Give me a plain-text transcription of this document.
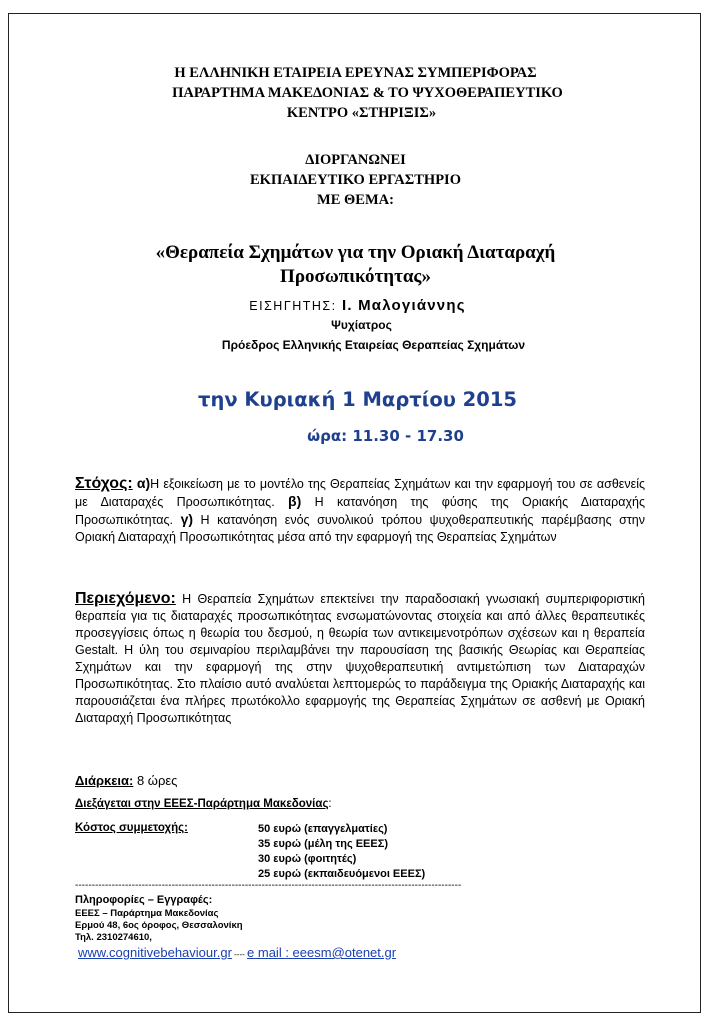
Η ΕΛΛΗΝΙΚΗ ΕΤΑΙΡΕΙΑ ΕΡΕΥΝΑΣ ΣΥΜΠΕΡΙΦΟΡΑΣ
ΠΑΡΑΡΤΗΜΑ ΜΑΚΕΔΟΝΙΑΣ & ΤΟ ΨΥΧΟΘΕΡΑΠΕΥΤΙΚΟ
ΚΕΝΤΡΟ «ΣΤΗΡΙΞΙΣ»
ΔΙΟΡΓΑΝΩΝΕΙ
ΕΚΠΑΙΔΕΥΤΙΚΟ ΕΡΓΑΣΤΗΡΙΟ
ΜΕ ΘΕΜΑ:
«Θεραπεία Σχημάτων για την Οριακή Διαταραχή
Προσωπικότητας»
ΕΙΣΗΓΗΤΗΣ: Ι. Μαλογιάννης
Ψυχίατρος
Πρόεδρος Ελληνικής Εταιρείας Θεραπείας Σχημάτων
την Κυριακή 1 Μαρτίου 2015
ώρα: 11.30 - 17.30
Στόχος: α)Η εξοικείωση με το μοντέλο της Θεραπείας Σχημάτων και την εφαρμογή του σε ασθενείς με Διαταραχές Προσωπικότητας. β) Η κατανόηση της φύσης της Οριακής Διαταραχής Προσωπικότητας. γ) Η κατανόηση ενός συνολικού τρόπου ψυχοθεραπευτικής παρέμβασης στην Οριακή Διαταραχή Προσωπικότητας μέσα από την εφαρμογή της Θεραπείας Σχημάτων
Περιεχόμενο: Η Θεραπεία Σχημάτων επεκτείνει την παραδοσιακή γνωσιακή συμπεριφοριστική θεραπεία για τις διαταραχές προσωπικότητας ενσωματώνοντας στοιχεία και από άλλες θεραπευτικές προσεγγίσεις όπως η θεωρία του δεσμού, η θεωρία των αντικειμενοτρόπων σχέσεων και η θεραπεία Gestalt. Η ύλη του σεμιναρίου περιλαμβάνει την παρουσίαση της βασικής Θεωρίας και Θεραπείας Σχημάτων και την εφαρμογή της στην ψυχοθεραπευτική αντιμετώπιση των Διαταραχών Προσωπικότητας. Στο πλαίσιο αυτό αναλύεται λεπτομερώς το παράδειγμα της Οριακής Διαταραχής και παρουσιάζεται ένα πλήρες πρωτόκολλο εφαρμογής της Θεραπείας Σχημάτων σε ασθενή με Οριακή Διαταραχή Προσωπικότητας
Διάρκεια: 8 ώρες
Διεξάγεται στην ΕΕΕΣ-Παράρτημα Μακεδονίας:
Κόστος συμμετοχής:	50 ευρώ (επαγγελματίες)
35 ευρώ (μέλη της ΕΕΕΣ)
30 ευρώ (φοιτητές)
25 ευρώ (εκπαιδευόμενοι ΕΕΕΣ)
--------------------------------------------------------------------------------------------------------------------
Πληροφορίες – Εγγραφές:
ΕΕΕΣ – Παράρτημα Μακεδονίας
Ερμού 48, 6ος όροφος, Θεσσαλονίκη
Τηλ. 2310274610,
www.cognitivebehaviour.gr ---- e mail : eeesm@otenet.gr
